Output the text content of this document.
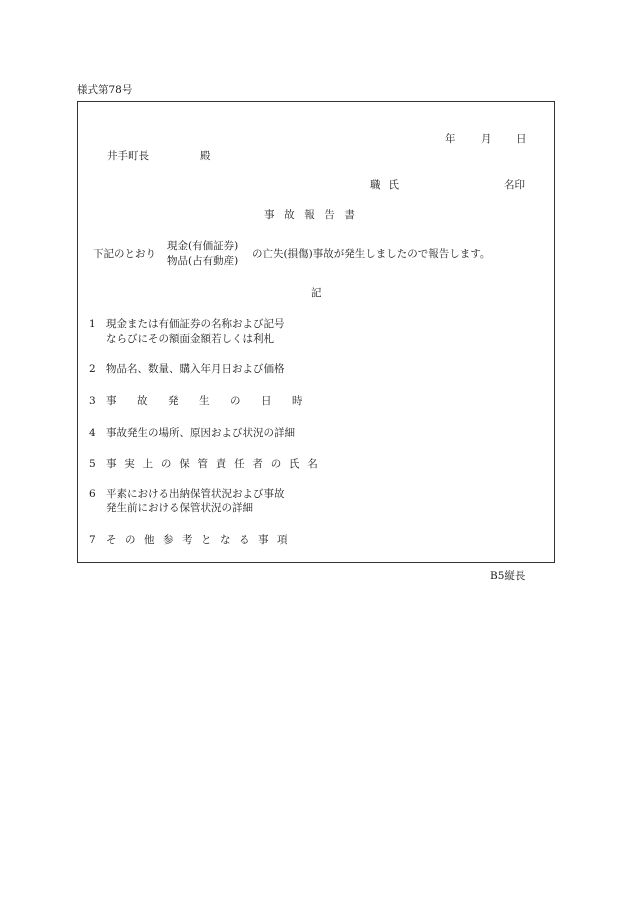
様式第78号
年 月 日
井手町長	殿
職氏	名印
事故報告書
下記のとおり
現金(有価証券)
物品(占有動産)
の亡失(損傷)事故が発生しましたので報告します。
記
1 現金または有価証券の名称および記号
ならびにその額面金額若しくは利札
2 物品名、数量、購入年月日および価格
3 事故発生の日時
4 事故発生の場所、原因および状況の詳細
5 事実上の保管責任者の氏名
6 平素における出納保管状況および事故
発生前における保管状況の詳細
7 その他参考となる事項
B5縦長
